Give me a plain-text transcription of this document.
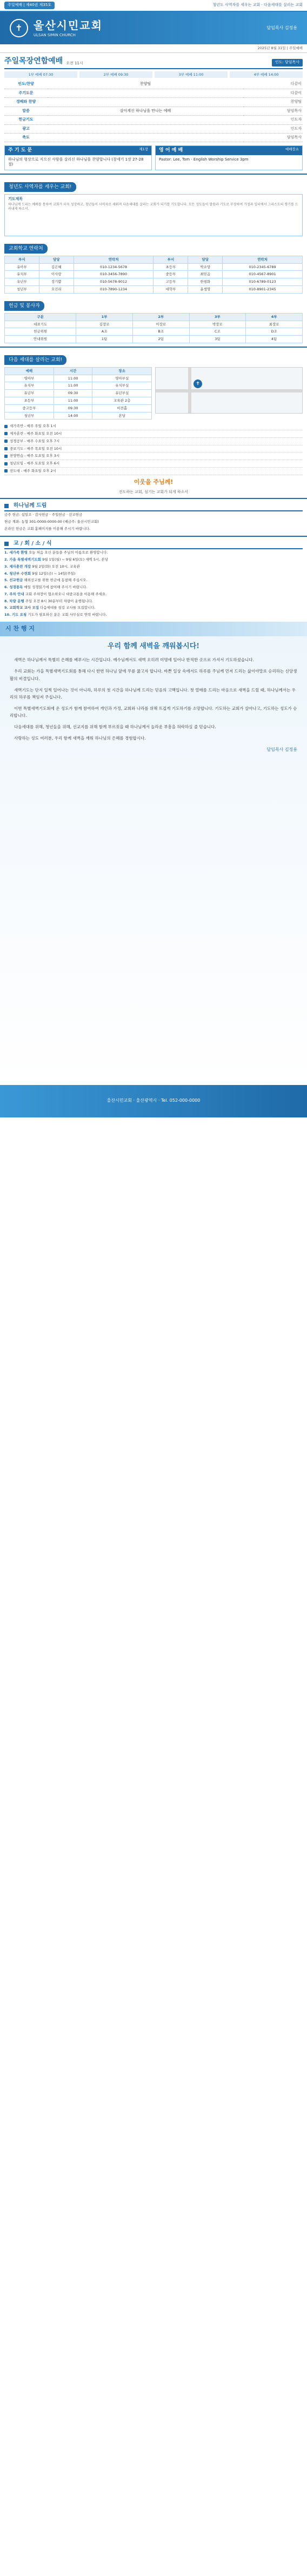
주일예배 | 제40권 제35호	청년도 사역자를 세우는 교회 · 다음세대를 살리는 교회
✝	울산시민교회
ULSAN SIMIN CHURCH
담임목사 김정용
2025년 8월 31일 | 주일예배
주일목장연합예배 오전 11시	인도: 담임목사
1부 예배 07:30	2부 예배 09:30	3부 예배 11:00	4부 예배 14:00
인도/찬양	찬양팀	다같이
주기도문		다같이
경배와 찬양		찬양팀
말씀	살아계신 하나님을 만나는 예배	담임목사
헌금기도		인도자
광고		인도자
축도		담임목사
주 기 도 문	제1장

하나님의 형상으로 지으신 사람을 살리신 하나님을 찬양합니다 (창세기 1장 27-28절)

영 어 예 배	예배장소

Pastor: Lee, Tom · English Worship Service 3pm

청년도 사역자를 세우는 교회!
기도제목
하나님께 드리는 예배를 통하여 교회가 더욱 성장하고, 청년들이 사역자로 세워져 다음세대를 살리는 교회가 되기를 기도합니다. 모든 성도들이 말씀과 기도로 무장하여 가정과 일터에서 그리스도의 향기를 드러내게 하소서.
교회학교 연락처
부서	담당	연락처	부서	담당	연락처
유아부	김은혜	010-1234-5678	초등부	박소망	010-2345-6789
유치부	이사랑	010-3456-7890	중등부	최믿음	010-4567-8901
유년부	정기쁨	010-5678-9012	고등부	한평화	010-6789-0123
청년부	오진리	010-7890-1234	대학부	윤생명	010-8901-2345
헌금 및 봉사자
구분	1부	2부	3부	4부
대표기도	김장로	이장로	박장로	최장로
헌금위원	A조	B조	C조	D조
안내위원	1팀	2팀	3팀	4팀
다음 세대를 살리는 교회!
예배	시간	장소
영아부	11:00	영아부실
유치부	11:00	유치부실
유년부	09:30	유년부실
초등부	11:00	교육관 2층
중고등부	09:30	비전홀
청년부	14:00	본당
✝
새가족반 - 매주 주일 오후 1시
제자훈련 - 매주 화요일 오전 10시
성경공부 - 매주 수요일 오후 7시
중보기도 - 매주 목요일 오전 10시
찬양연습 - 매주 토요일 오후 3시
청년모임 - 매주 토요일 오후 6시
전도대 - 매주 화요일 오후 2시
이웃을 주님께!
전도하는 교회, 섬기는 교회가 되게 하소서
하나님께 드림
금주 헌금: 십일조 · 감사헌금 · 주일헌금 · 선교헌금
헌금 계좌: 농협 301-0000-0000-00 (예금주: 울산시민교회)
온라인 헌금은 교회 홈페이지를 이용해 주시기 바랍니다.
교 / 회 / 소 / 식
1. 새가족 환영 오늘 처음 오신 분들을 주님의 이름으로 환영합니다.
2. 가을 특별새벽기도회 9월 1일(월) ~ 9월 6일(토) 새벽 5시, 본당
3. 제자훈련 개강 9월 2일(화) 오전 10시, 교육관
4. 청년부 수련회 9월 12일(금) ~ 14일(주일)
5. 선교헌금 해외선교를 위한 헌금에 동참해 주십시오.
6. 성경통독 매일 성경읽기에 참여해 주시기 바랍니다.
7. 주차 안내 교회 주차장이 협소하오니 대중교통을 이용해 주세요.
8. 차량 운행 주일 오전 8시 30분부터 차량이 운행됩니다.
9. 교회학교 교사 모집 다음세대를 섬길 교사를 모집합니다.
10. 기도 요청 기도가 필요하신 분은 교회 사무실로 연락 바랍니다.
시 찬 행 지
우리 함께 새벽을 깨워봅시다!

새벽은 하나님께서 특별히 은혜를 베푸시는 시간입니다. 예수님께서도 새벽 오히려 미명에 일어나 한적한 곳으로 가셔서 기도하셨습니다.

우리 교회는 가을 특별새벽기도회를 통해 다시 한번 하나님 앞에 무릎 꿇고자 합니다. 바쁜 일상 속에서도 하루를 주님께 먼저 드리는 삶이야말로 승리하는 신앙생활의 비결입니다.

새벽기도는 단지 일찍 일어나는 것이 아니라, 하루의 첫 시간을 하나님께 드리는 믿음의 고백입니다. 첫 열매를 드리는 마음으로 새벽을 드릴 때, 하나님께서는 우리의 하루를 책임져 주십니다.

이번 특별새벽기도회에 온 성도가 함께 참여하여 개인과 가정, 교회와 나라를 위해 뜨겁게 기도하기를 소망합니다. 기도하는 교회가 살아나고, 기도하는 성도가 승리합니다.

다음세대를 위해, 청년들을 위해, 선교지를 위해 함께 부르짖을 때 하나님께서 놀라운 부흥을 허락하실 줄 믿습니다.

사랑하는 성도 여러분, 우리 함께 새벽을 깨워 하나님의 은혜를 경험합시다.

담임목사 김정용
울산시민교회 · 울산광역시 · Tel. 052-000-0000
